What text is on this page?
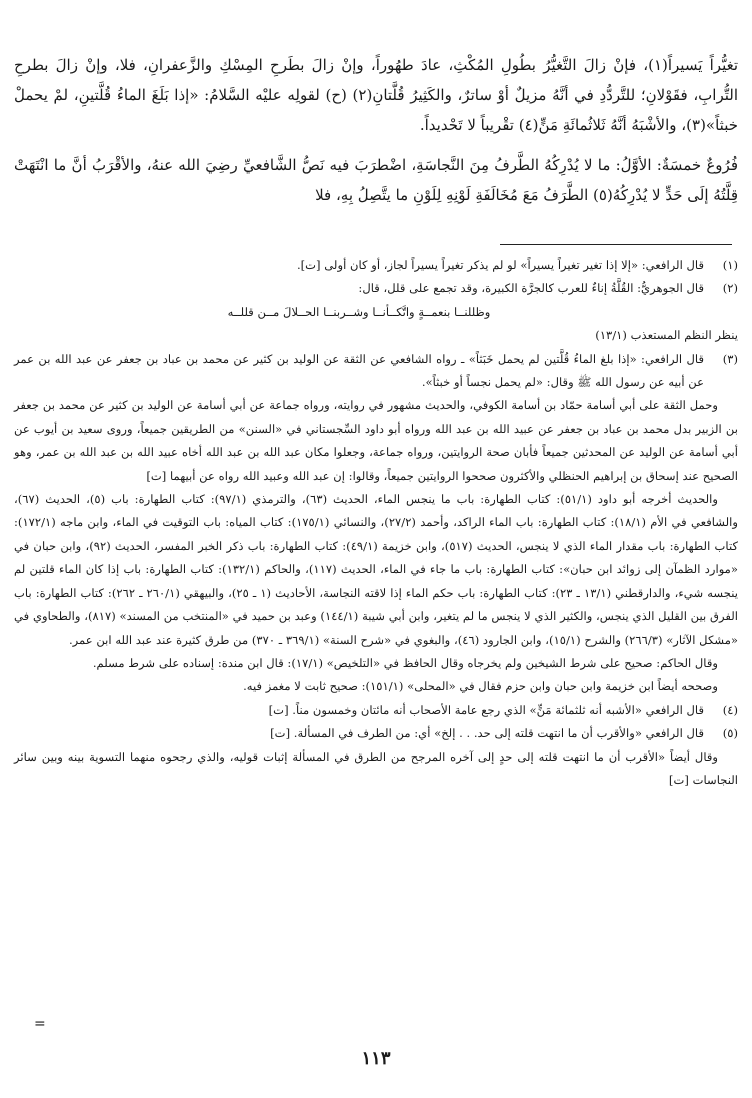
تغيُّراً يَسيراً(١)، فإنْ زالَ التَّغيُّرُ بطُولِ المُكْثِ، عادَ طهُوراً، وإنْ زالَ بطَرحِ المِسْكِ والزَّعفرانِ، فلا، وإنْ زالَ بطرحِ التُّرابِ، فقَوْلانِ؛ للتَّردُّدِ في أنَّهُ مزيلٌ أوْ ساترٌ، والكَثِيرُ قُلَّتانِ(٢) (ح) لقولِه عليْه السَّلامُ: «إذا بَلَغَ الماءُ قُلَّتينِ، لمْ يحملْ خبثاً»(٣)، والأشْبَهُ أنَّهُ ثَلاثُمائَةِ مَنٍّ(٤) تقْريباً لا تَحْديداً.

فُرُوعٌ خمسَةٌ: الأوَّلُ: ما لا يُدْرِكُهُ الطَّرفُ مِنَ النَّجاسَةِ، اضْطرَبَ فيه نَصُّ الشَّافعيِّ رضِيَ الله عنهُ، والأقْرَبُ أنَّ ما انْتَهَتْ قِلَّتُهُ إلَى حَدٍّ لا يُدْرِكُهُ(٥) الطَّرَفُ مَعَ مُخَالَفَةِ لَوْنِهِ لِلَوْنِ ما يتَّصِلُ بِهِ، فلا

(١)

قال الرافعي: «إلا إذا تغير تغيراً يسيراً» لو لم يذكر تغيراً يسيراً لجاز، أو كان أولى [ت].

(٢)

قال الجوهريُّ: القُلَّةُ إناءٌ للعرب كالجرَّة الكبيرة، وقد تجمع على قلل، قال:

وظللنــا بنعمــةٍ واتَّكــأنــا وشــربنــا الحــلالَ مــن قللــه

ينظر النظم المستعذب (١٣/١)

(٣)

قال الرافعي: «إذا بلغ الماءُ قُلَّتين لم يحمل خَبَثاً» ـ رواه الشافعي عن الثقة عن الوليد بن كثير عن محمد بن عباد بن جعفر عن عبد الله بن عمر عن أبيه عن رسول الله ﷺ وقال: «لم يحمل نجساً أو خبثاً».

وحمل الثقة على أبي أسامة حمّاد بن أسامة الكوفي، والحديث مشهور في روايته، ورواه جماعة عن أبي أسامة عن الوليد بن كثير عن محمد بن جعفر بن الزبير بدل محمد بن عباد بن جعفر عن عبيد الله بن عبد الله ورواه أبو داود السِّجستاني في «السنن» من الطريقين جميعاً، وروى سعيد بن أيوب عن أبي أسامة عن الوليد عن المحدثين جميعاً فأبان صحة الروايتين، ورواه جماعة، وجعلوا مكان عبد الله بن عبد الله أخاه عبيد الله بن عبد الله بن عمر، وهو الصحيح عند إسحاق بن إبراهيم الحنظلي والأكثرون صححوا الروايتين جميعاً، وقالوا: إن عبد الله وعبيد الله رواه عن أبيهما [ت]

والحديث أخرجه أبو داود (٥١/١): كتاب الطهارة: باب ما ينجس الماء، الحديث (٦٣)، والترمذي (٩٧/١): كتاب الطهارة: باب (٥)، الحديث (٦٧)، والشافعي في الأم (١٨/١): كتاب الطهارة: باب الماء الراكد، وأحمد (٢٧/٢)، والنسائي (١٧٥/١): كتاب المياه: باب التوقيت في الماء، وابن ماجه (١٧٢/١): كتاب الطهارة: باب مقدار الماء الذي لا ينجس، الحديث (٥١٧)، وابن خزيمة (٤٩/١): كتاب الطهارة: باب ذكر الخبر المفسر، الحديث (٩٢)، وابن حبان في «موارد الظمآن إلى زوائد ابن حبان»: كتاب الطهارة: باب ما جاء في الماء، الحديث (١١٧)، والحاكم (١٣٢/١): كتاب الطهارة: باب إذا كان الماء قلتين لم ينجسه شيء، والدارقطني (١٣/١ ـ ٢٣): كتاب الطهارة: باب حكم الماء إذا لاقته النجاسة، الأحاديث (١ ـ ٢٥)، والبيهقي (٢٦٠/١ ـ ٢٦٢): كتاب الطهارة: باب الفرق بين القليل الذي ينجس، والكثير الذي لا ينجس ما لم يتغير، وابن أبي شيبة (١٤٤/١) وعبد بن حميد في «المنتخب من المسند» (٨١٧)، والطحاوي في «مشكل الآثار» (٢٦٦/٣) والشرح (١٥/١)، وابن الجارود (٤٦)، والبغوي في «شرح السنة» (٣٦٩/١ ـ ٣٧٠) من طرق كثيرة عند عبد الله ابن عمر.

وقال الحاكم: صحيح على شرط الشيخين ولم يخرجاه وقال الحافظ في «التلخيص» (١٧/١): قال ابن مندة: إسناده على شرط مسلم.

وصححه أيضاً ابن خزيمة وابن حبان وابن حزم فقال في «المحلى» (١٥١/١): صحيح ثابت لا مغمز فيه.

(٤)

قال الرافعي «الأشبه أنه ثلثمائة مَنٍّ» الذي رجع عامة الأصحاب أنه مائتان وخمسون مناً. [ت]

(٥)

قال الرافعي «والأقرب أن ما انتهت قلته إلى حد. . . إلخ» أي: من الطرف في المسألة. [ت]

وقال أيضاً «الأقرب أن ما انتهت قلته إلى حدٍ إلى آخره المرجح من الطرق في المسألة إثبات قوليه، والذي رجحوه منهما التسوية بينه وبين سائر النجاسات [ت]

=
١١٣
